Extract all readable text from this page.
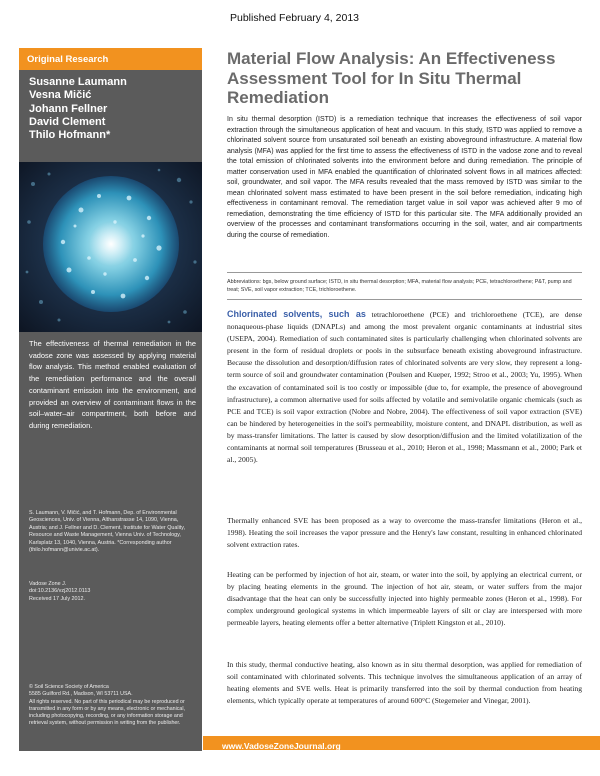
Published February 4, 2013
Original Research
Susanne Laumann
Vesna Mičić
Johann Fellner
David Clement
Thilo Hofmann*
The effectiveness of thermal remediation in the vadose zone was assessed by applying material flow analysis. This method enabled evaluation of the remediation performance and the overall contaminant emission into the environment, and provided an overview of contaminant flows in the soil–water–air compartment, both before and during remediation.
S. Laumann, V. Mičić, and T. Hofmann, Dep. of Environmental Geosciences, Univ. of Vienna, Althanstrasse 14, 1090, Vienna, Austria; and J. Fellner and D. Clement, Institute for Water Quality, Resource and Waste Management, Vienna Univ. of Technology, Karlsplatz 13, 1040, Vienna, Austria. *Corresponding author (thilo.hofmann@univie.ac.at).
Vadose Zone J.
doi:10.2136/vzj2012.0113
Received 17 July 2012.
© Soil Science Society of America
5585 Guilford Rd., Madison, WI 53711 USA.
All rights reserved. No part of this periodical may be reproduced or transmitted in any form or by any means, electronic or mechanical, including photocopying, recording, or any information storage and retrieval system, without permission in writing from the publisher.
Material Flow Analysis: An Effectiveness Assessment Tool for In Situ Thermal Remediation
In situ thermal desorption (ISTD) is a remediation technique that increases the effectiveness of soil vapor extraction through the simultaneous application of heat and vacuum. In this study, ISTD was applied to remove a chlorinated solvent source from unsaturated soil beneath an existing aboveground infrastructure. A material flow analysis (MFA) was applied for the first time to assess the effectiveness of ISTD in the vadose zone and to reveal the total emission of chlorinated solvents into the environment before and during remediation. The principle of matter conservation used in MFA enabled the quantification of chlorinated solvent flows in all matrices affected: soil, groundwater, and soil vapor. The MFA results revealed that the mass removed by ISTD was similar to the mean chlorinated solvent mass estimated to have been present in the soil before remediation, indicating high effectiveness in contaminant removal. The remediation target value in soil vapor was achieved after 9 mo of remediation, demonstrating the time efficiency of ISTD for this particular site. The MFA additionally provided an overview of the processes and contaminant transformations occurring in the soil, water, and air compartments during the course of remediation.
Abbreviations: bgs, below ground surface; ISTD, in situ thermal desorption; MFA, material flow analysis; PCE, tetrachloroethene; P&T, pump and treat; SVE, soil vapor extraction; TCE, trichloroethene.
Chlorinated solvents, such as tetrachloroethene (PCE) and trichloroethene (TCE), are dense nonaqueous-phase liquids (DNAPLs) and among the most prevalent organic contaminants at industrial sites (USEPA, 2004). Remediation of such contaminated sites is particularly challenging when chlorinated solvents are present in the form of residual droplets or pools in the subsurface beneath existing aboveground infrastructure. Because the dissolution and desorption/diffusion rates of chlorinated solvents are very slow, they represent a long-term source of soil and groundwater contamination (Poulsen and Kueper, 1992; Stroo et al., 2003; Yu, 1995). When the excavation of contaminated soil is too costly or impossible (due to, for example, the presence of aboveground infrastructure), a common alternative used for soils affected by volatile and semivolatile organic chemicals (such as PCE and TCE) is soil vapor extraction (Nobre and Nobre, 2004). The effectiveness of soil vapor extraction (SVE) can be hindered by heterogeneities in the soil's permeability, moisture content, and DNAPL distribution, as well as by mass-transfer limitations. The latter is caused by slow desorption/diffusion and the limited volatilization of the contaminants at normal soil temperatures (Brusseau et al., 2010; Heron et al., 1998; Massmann et al., 2000; Park et al., 2005).
Thermally enhanced SVE has been proposed as a way to overcome the mass-transfer limitations (Heron et al., 1998). Heating the soil increases the vapor pressure and the Henry's law constant, resulting in enhanced chlorinated solvent extraction rates.
Heating can be performed by injection of hot air, steam, or water into the soil, by applying an electrical current, or by placing heating elements in the ground. The injection of hot air, steam, or water suffers from the major disadvantage that the heat can only be successfully injected into highly permeable zones (Heron et al., 1998). For complex underground geological systems in which impermeable layers of silt or clay are interspersed with more permeable layers, heating elements offer a better alternative (Triplett Kingston et al., 2010).
In this study, thermal conductive heating, also known as in situ thermal desorption, was applied for remediation of soil contaminated with chlorinated solvents. This technique involves the simultaneous application of an array of heating elements and SVE wells. Heat is primarily transferred into the soil by thermal conduction from heating elements, which typically operate at temperatures of around 600°C (Stegemeier and Vinegar, 2001).
www.VadoseZoneJournal.org
